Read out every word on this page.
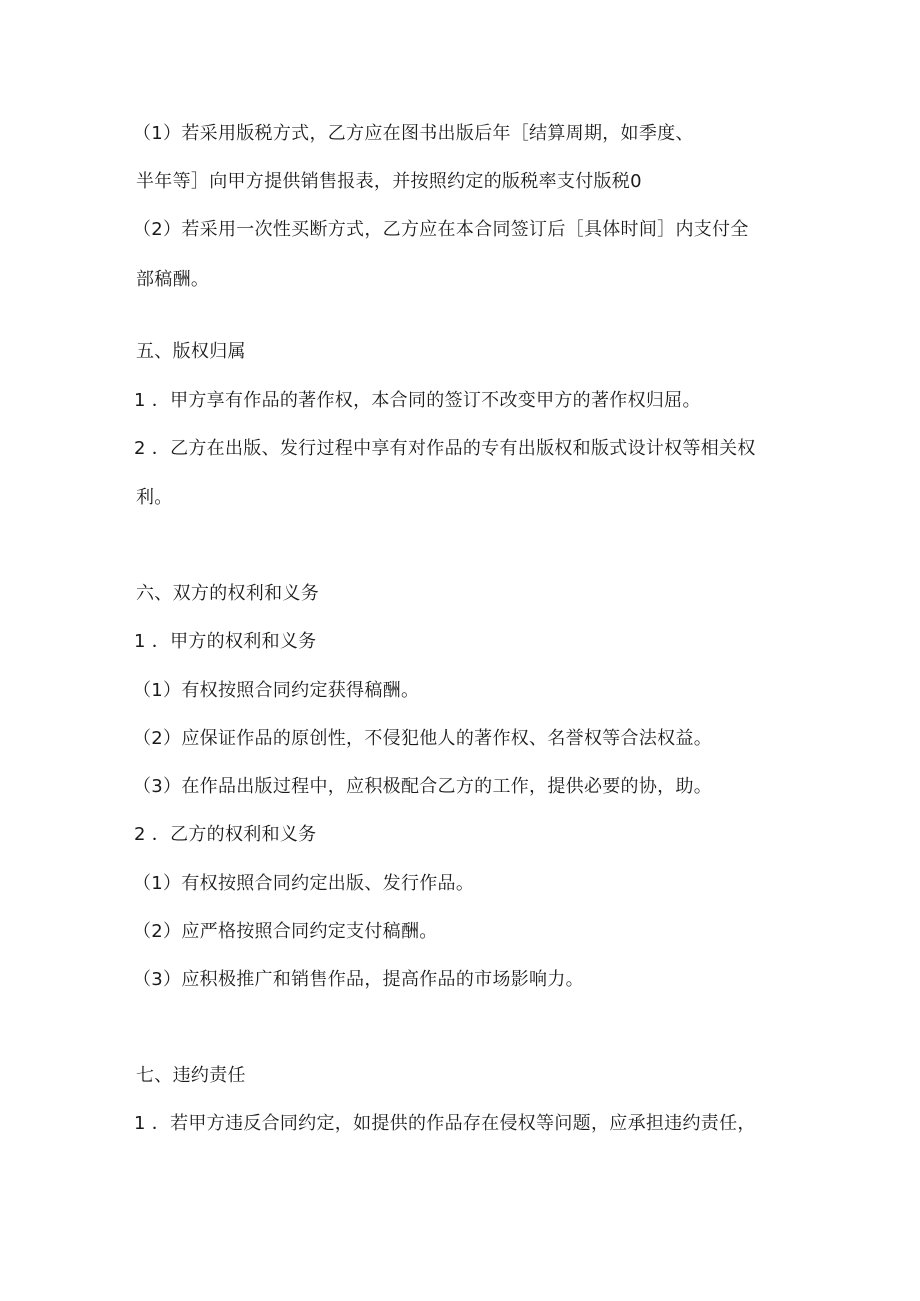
（1）若采用版税方式，乙方应在图书出版后年［结算周期，如季度、
半年等］向甲方提供销售报表，并按照约定的版税率支付版税0
（2）若采用一次性买断方式，乙方应在本合同签订后［具体时间］内支付全
部稿酬。
五、版权归属
1 ．甲方享有作品的著作权，本合同的签订不改变甲方的著作权归屈。
2 ．乙方在出版、发行过程中享有对作品的专有出版权和版式设计权等相关权
利。
六、双方的权利和义务
1 ．甲方的权利和义务
（1）有权按照合同约定获得稿酬。
（2）应保证作品的原创性，不侵犯他人的著作权、名誉权等合法权益。
（3）在作品出版过程中，应积极配合乙方的工作，提供必要的协，助。
2 ．乙方的权利和义务
（1）有权按照合同约定出版、发行作品。
（2）应严格按照合同约定支付稿酬。
（3）应积极推广和销售作品，提高作品的市场影响力。
七、违约责任
1 ．若甲方违反合同约定，如提供的作品存在侵权等问题，应承担违约责任，
